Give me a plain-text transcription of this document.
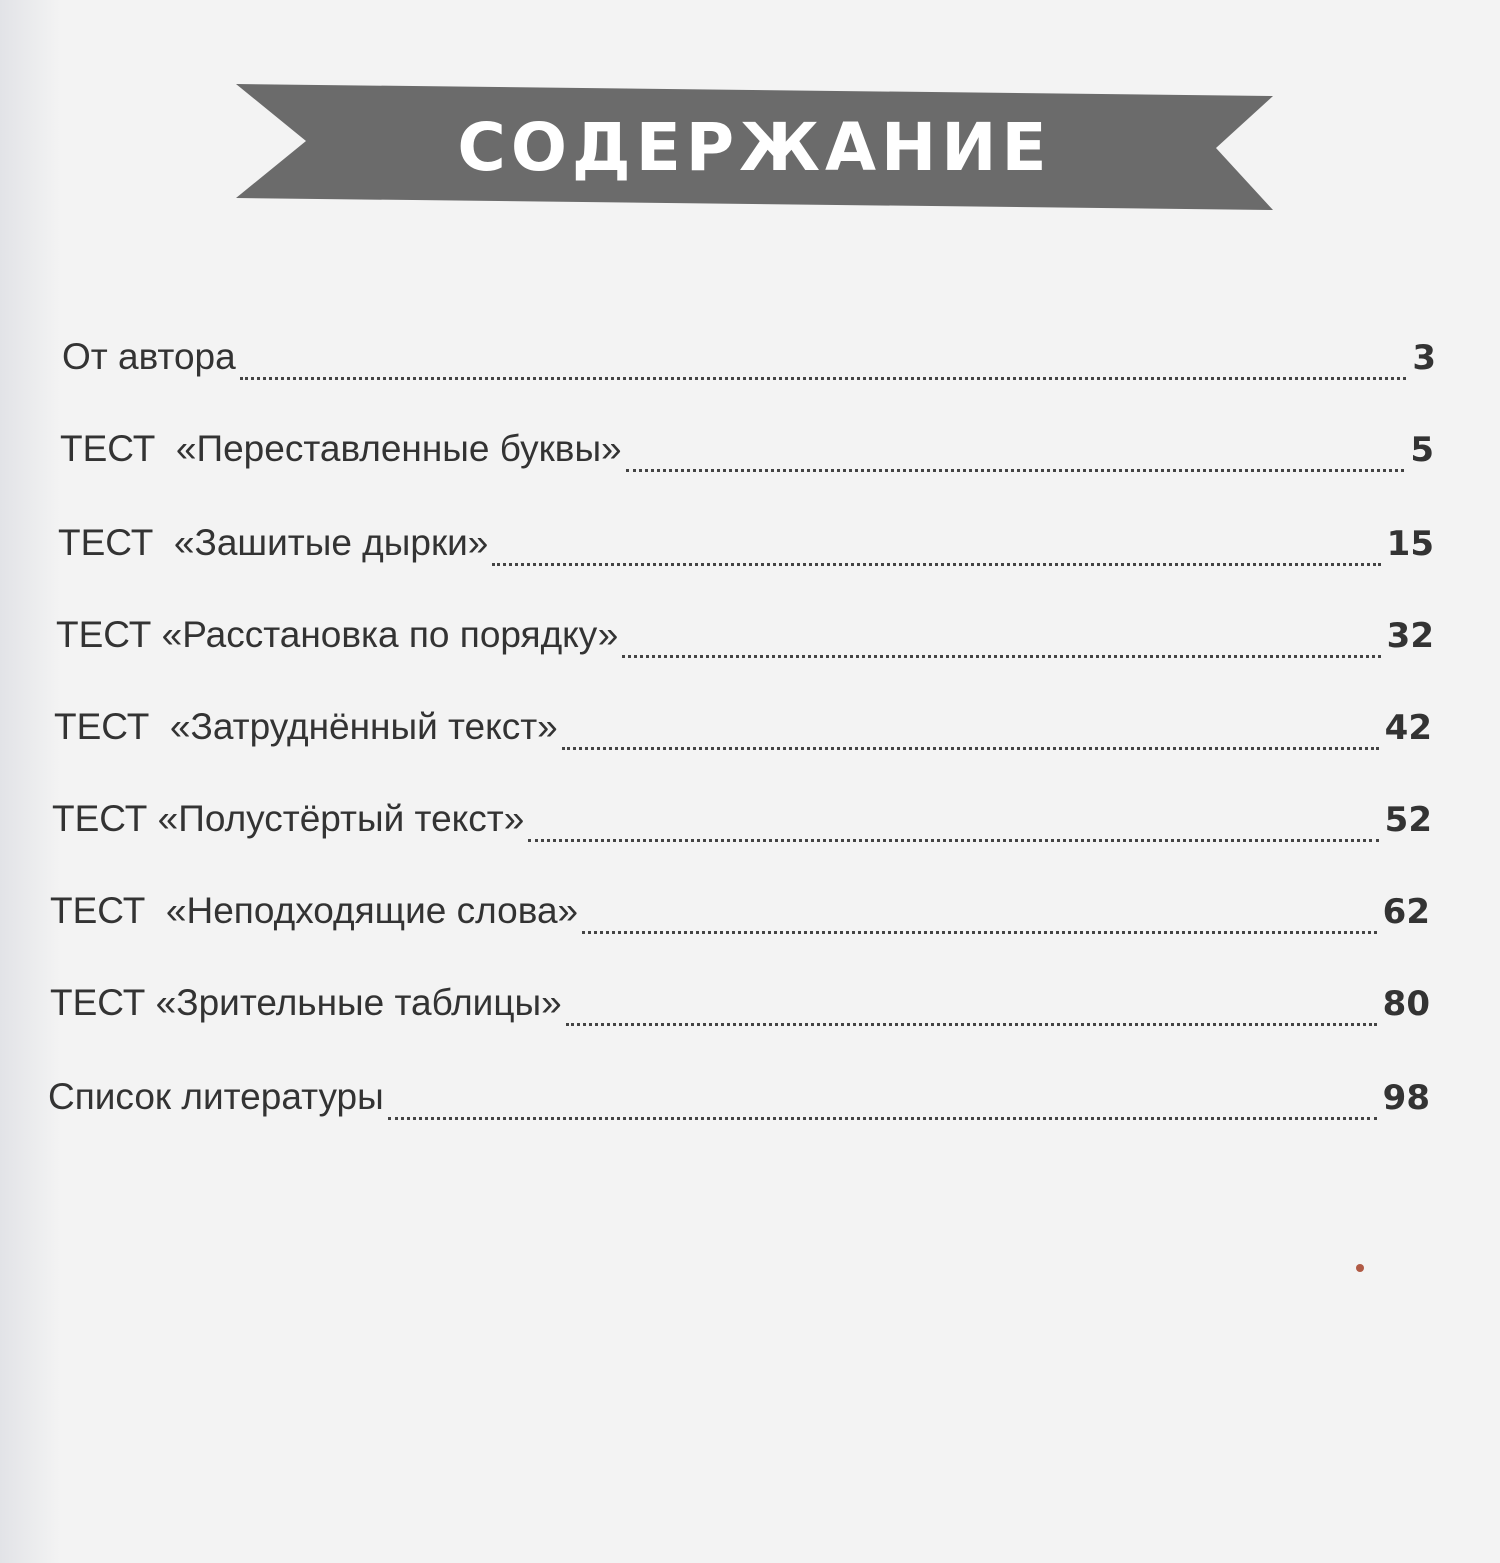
СОДЕРЖАНИЕ
От автора	3
ТЕСТ  «Переставленные буквы»	5
ТЕСТ  «Зашитые дырки»	15
ТЕСТ «Расстановка по порядку»	32
ТЕСТ  «Затруднённый текст»	42
ТЕСТ «Полустёртый текст»	52
ТЕСТ  «Неподходящие слова»	62
ТЕСТ «Зрительные таблицы»	80
Список литературы	98
